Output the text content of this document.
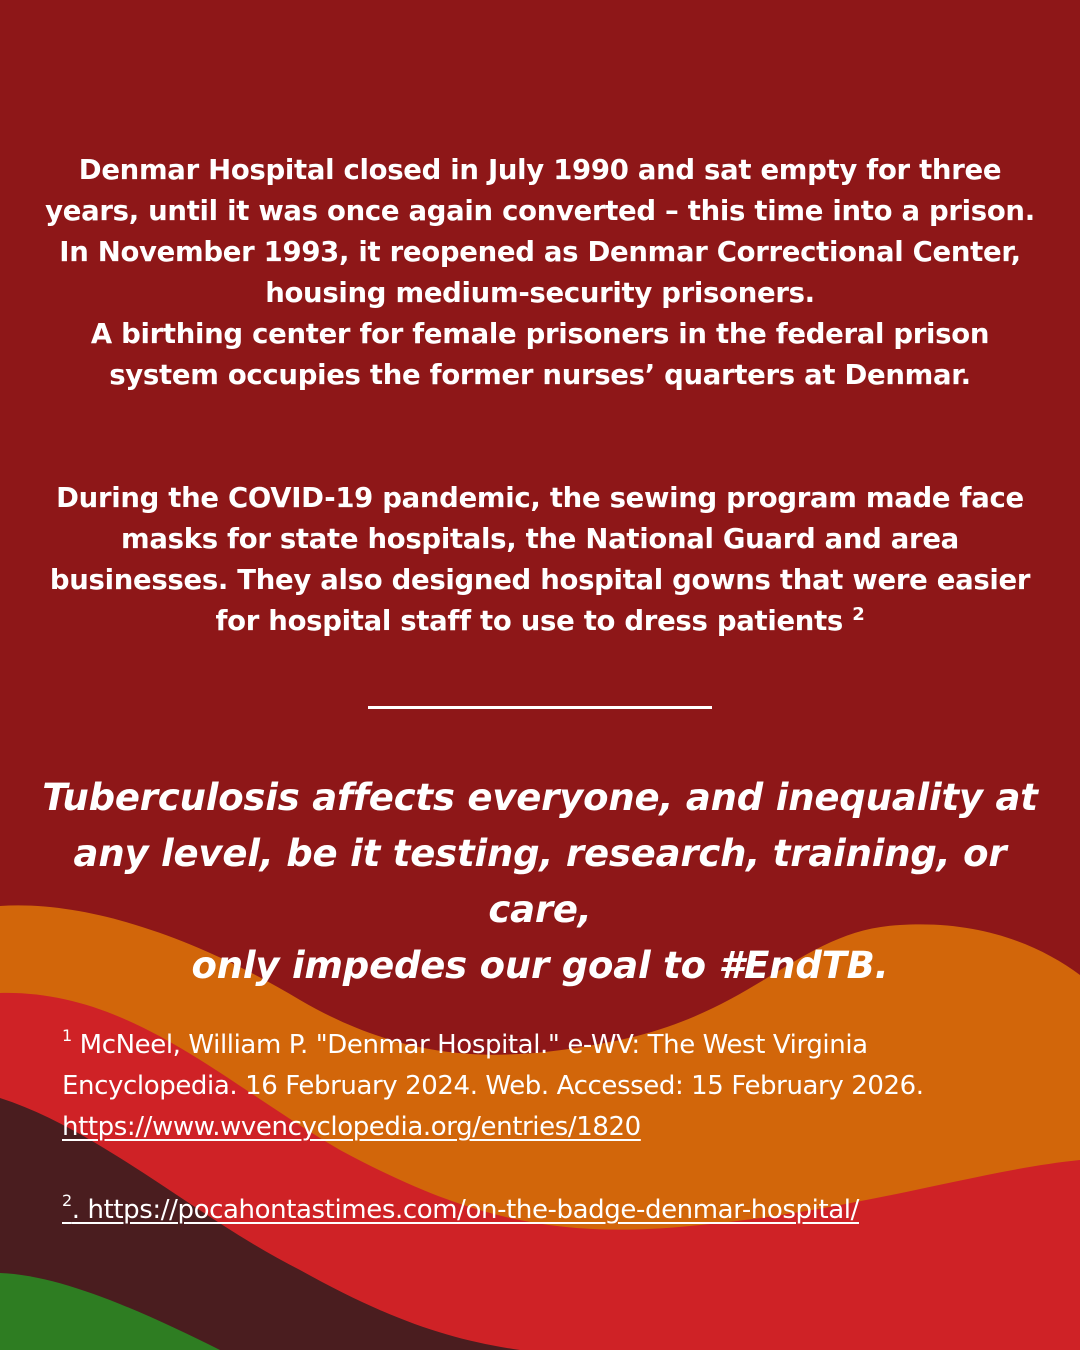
Denmar Hospital closed in July 1990 and sat empty for three
years, until it was once again converted – this time into a prison.
In November 1993, it reopened as Denmar Correctional Center,
housing medium-security prisoners.
A birthing center for female prisoners in the federal prison
system occupies the former nurses’ quarters at Denmar.
During the COVID-19 pandemic, the sewing program made face
masks for state hospitals, the National Guard and area
businesses. They also designed hospital gowns that were easier
for hospital staff to use to dress patients $^2$
Tuberculosis affects everyone, and inequality at
any level, be it testing, research, training, or care,
only impedes our goal to #EndTB.
$^1$ McNeel, William P. "Denmar Hospital." e-WV: The West Virginia
Encyclopedia. 16 February 2024. Web. Accessed: 15 February 2026.
https://www.wvencyclopedia.org/entries/1820
$^2$. https://pocahontastimes.com/on-the-badge-denmar-hospital/
